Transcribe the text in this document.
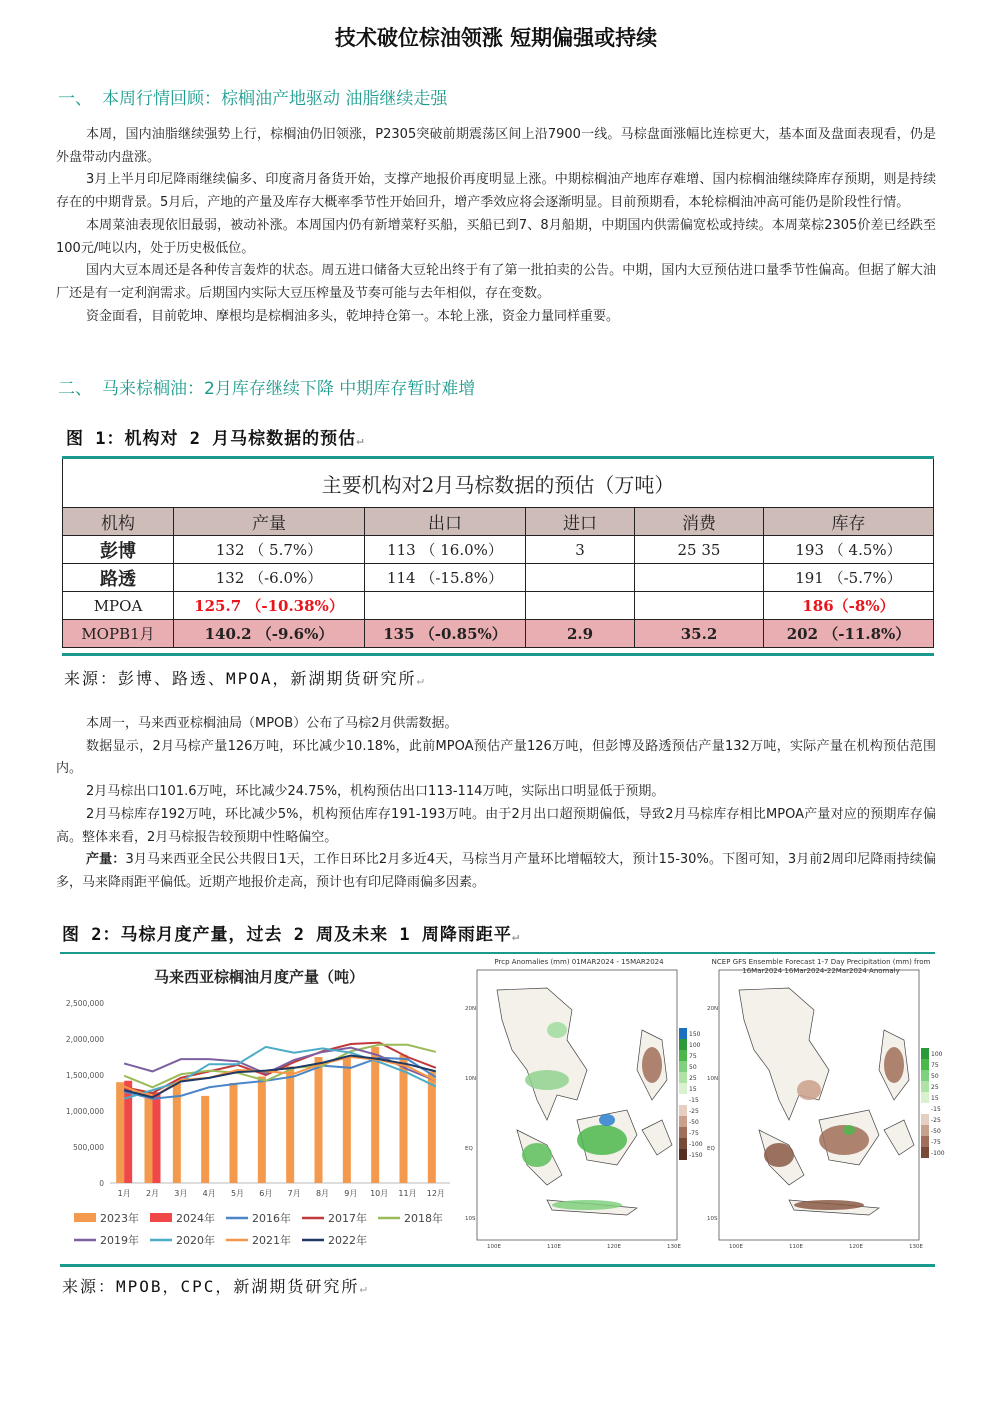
技术破位棕油领涨 短期偏强或持续
一、 本周行情回顾：棕榈油产地驱动 油脂继续走强

本周，国内油脂继续强势上行，棕榈油仍旧领涨，P2305突破前期震荡区间上沿7900一线。马棕盘面涨幅比连棕更大，基本面及盘面表现看，仍是外盘带动内盘涨。

3月上半月印尼降雨继续偏多、印度斋月备货开始，支撑产地报价再度明显上涨。中期棕榈油产地库存难增、国内棕榈油继续降库存预期，则是持续存在的中期背景。5月后，产地的产量及库存大概率季节性开始回升，增产季效应将会逐渐明显。目前预期看，本轮棕榈油冲高可能仍是阶段性行情。

本周菜油表现依旧最弱，被动补涨。本周国内仍有新增菜籽买船，买船已到7、8月船期，中期国内供需偏宽松或持续。本周菜棕2305价差已经跌至100元/吨以内，处于历史极低位。

国内大豆本周还是各种传言轰炸的状态。周五进口储备大豆轮出终于有了第一批拍卖的公告。中期，国内大豆预估进口量季节性偏高。但据了解大油厂还是有一定利润需求。后期国内实际大豆压榨量及节奏可能与去年相似，存在变数。

资金面看，目前乾坤、摩根均是棕榈油多头，乾坤持仓第一。本轮上涨，资金力量同样重要。

二、 马来棕榈油：2月库存继续下降 中期库存暂时难增
图 1：机构对 2 月马棕数据的预估↵
主要机构对2月马棕数据的预估（万吨）					
机构	产量	出口	进口	消费	库存
彭博	132 （ 5.7%）	113 （ 16.0%）	3	25 35	193 （ 4.5%）
路透	132 （-6.0%）	114 （-15.8%）			191 （-5.7%）
MPOA	125.7 （-10.38%）				186（-8%）
MOPB1月	140.2 （-9.6%）	135 （-0.85%）	2.9	35.2	202 （-11.8%）
来源：彭博、路透、MPOA，新湖期货研究所↵

本周一，马来西亚棕榈油局（MPOB）公布了马棕2月供需数据。

数据显示，2月马棕产量126万吨，环比减少10.18%，此前MPOA预估产量126万吨，但彭博及路透预估产量132万吨，实际产量在机构预估范围内。

2月马棕出口101.6万吨，环比减少24.75%，机构预估出口113-114万吨，实际出口明显低于预期。

2月马棕库存192万吨，环比减少5%，机构预估库存191-193万吨。由于2月出口超预期偏低，导致2月马棕库存相比MPOA产量对应的预期库存偏高。整体来看，2月马棕报告较预期中性略偏空。

产量：3月马来西亚全民公共假日1天，工作日环比2月多近4天，马棕当月产量环比增幅较大，预计15-30%。下图可知，3月前2周印尼降雨持续偏多，马来降雨距平偏低。近期产地报价走高，预计也有印尼降雨偏多因素。

图 2：马棕月度产量，过去 2 周及未来 1 周降雨距平↵
马来西亚棕榈油月度产量（吨）
0
500,000
1,000,000
1,500,000
2,000,000
2,500,000
1月 2月 3月 4月 5月 6月 7月 8月 9月 10月 11月 12月
2023年	2024年	2016年	2017年	2018年
2019年	2020年	2021年	2022年
Prcp Anomalies (mm) 01MAR2024 - 15MAR2024
100E	110E	120E	130E
20N
10N
EQ
10S
150
100
75
50
25
15
-15
-25
-50
-75
-100
-150
NCEP GFS Ensemble Forecast 1-7 Day Precipitation (mm) from 16Mar2024 16Mar2024-22Mar2024 Anomaly
100E	110E	120E	130E
20N
10N
EQ
10S
100
75
50
25
15
-15
-25
-50
-75
-100
来源：MPOB，CPC，新湖期货研究所↵
